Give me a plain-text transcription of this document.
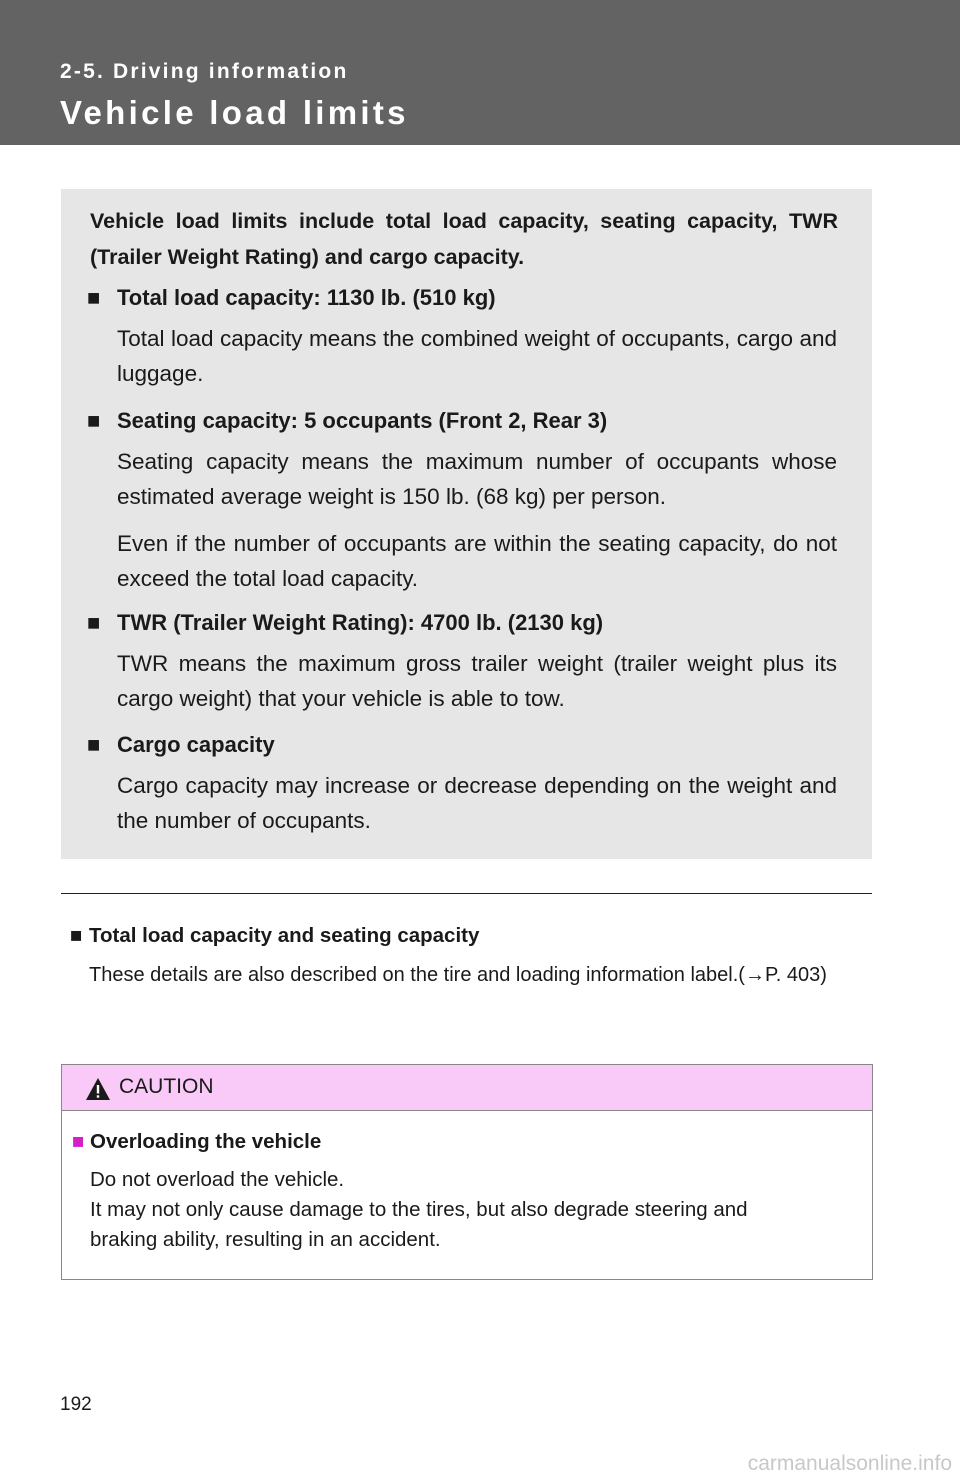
2-5. Driving information
Vehicle load limits
Vehicle load limits include total load capacity, seating capacity, TWR (Trailer Weight Rating) and cargo capacity.
■ Total load capacity: 1130 lb. (510 kg)

Total load capacity means the combined weight of occupants, cargo and luggage.

■ Seating capacity: 5 occupants (Front 2, Rear 3)

Seating capacity means the maximum number of occupants whose estimated average weight is 150 lb. (68 kg) per person.

Even if the number of occupants are within the seating capacity, do not exceed the total load capacity.

■ TWR (Trailer Weight Rating): 4700 lb. (2130 kg)

TWR means the maximum gross trailer weight (trailer weight plus its cargo weight) that your vehicle is able to tow.

■ Cargo capacity

Cargo capacity may increase or decrease depending on the weight and the number of occupants.

■ Total load capacity and seating capacity
These details are also described on the tire and loading information label.(→P. 403)
CAUTION
■ Overloading the vehicle
Do not overload the vehicle.
It may not only cause damage to the tires, but also degrade steering and
braking ability, resulting in an accident.
192
carmanualsonline.info
